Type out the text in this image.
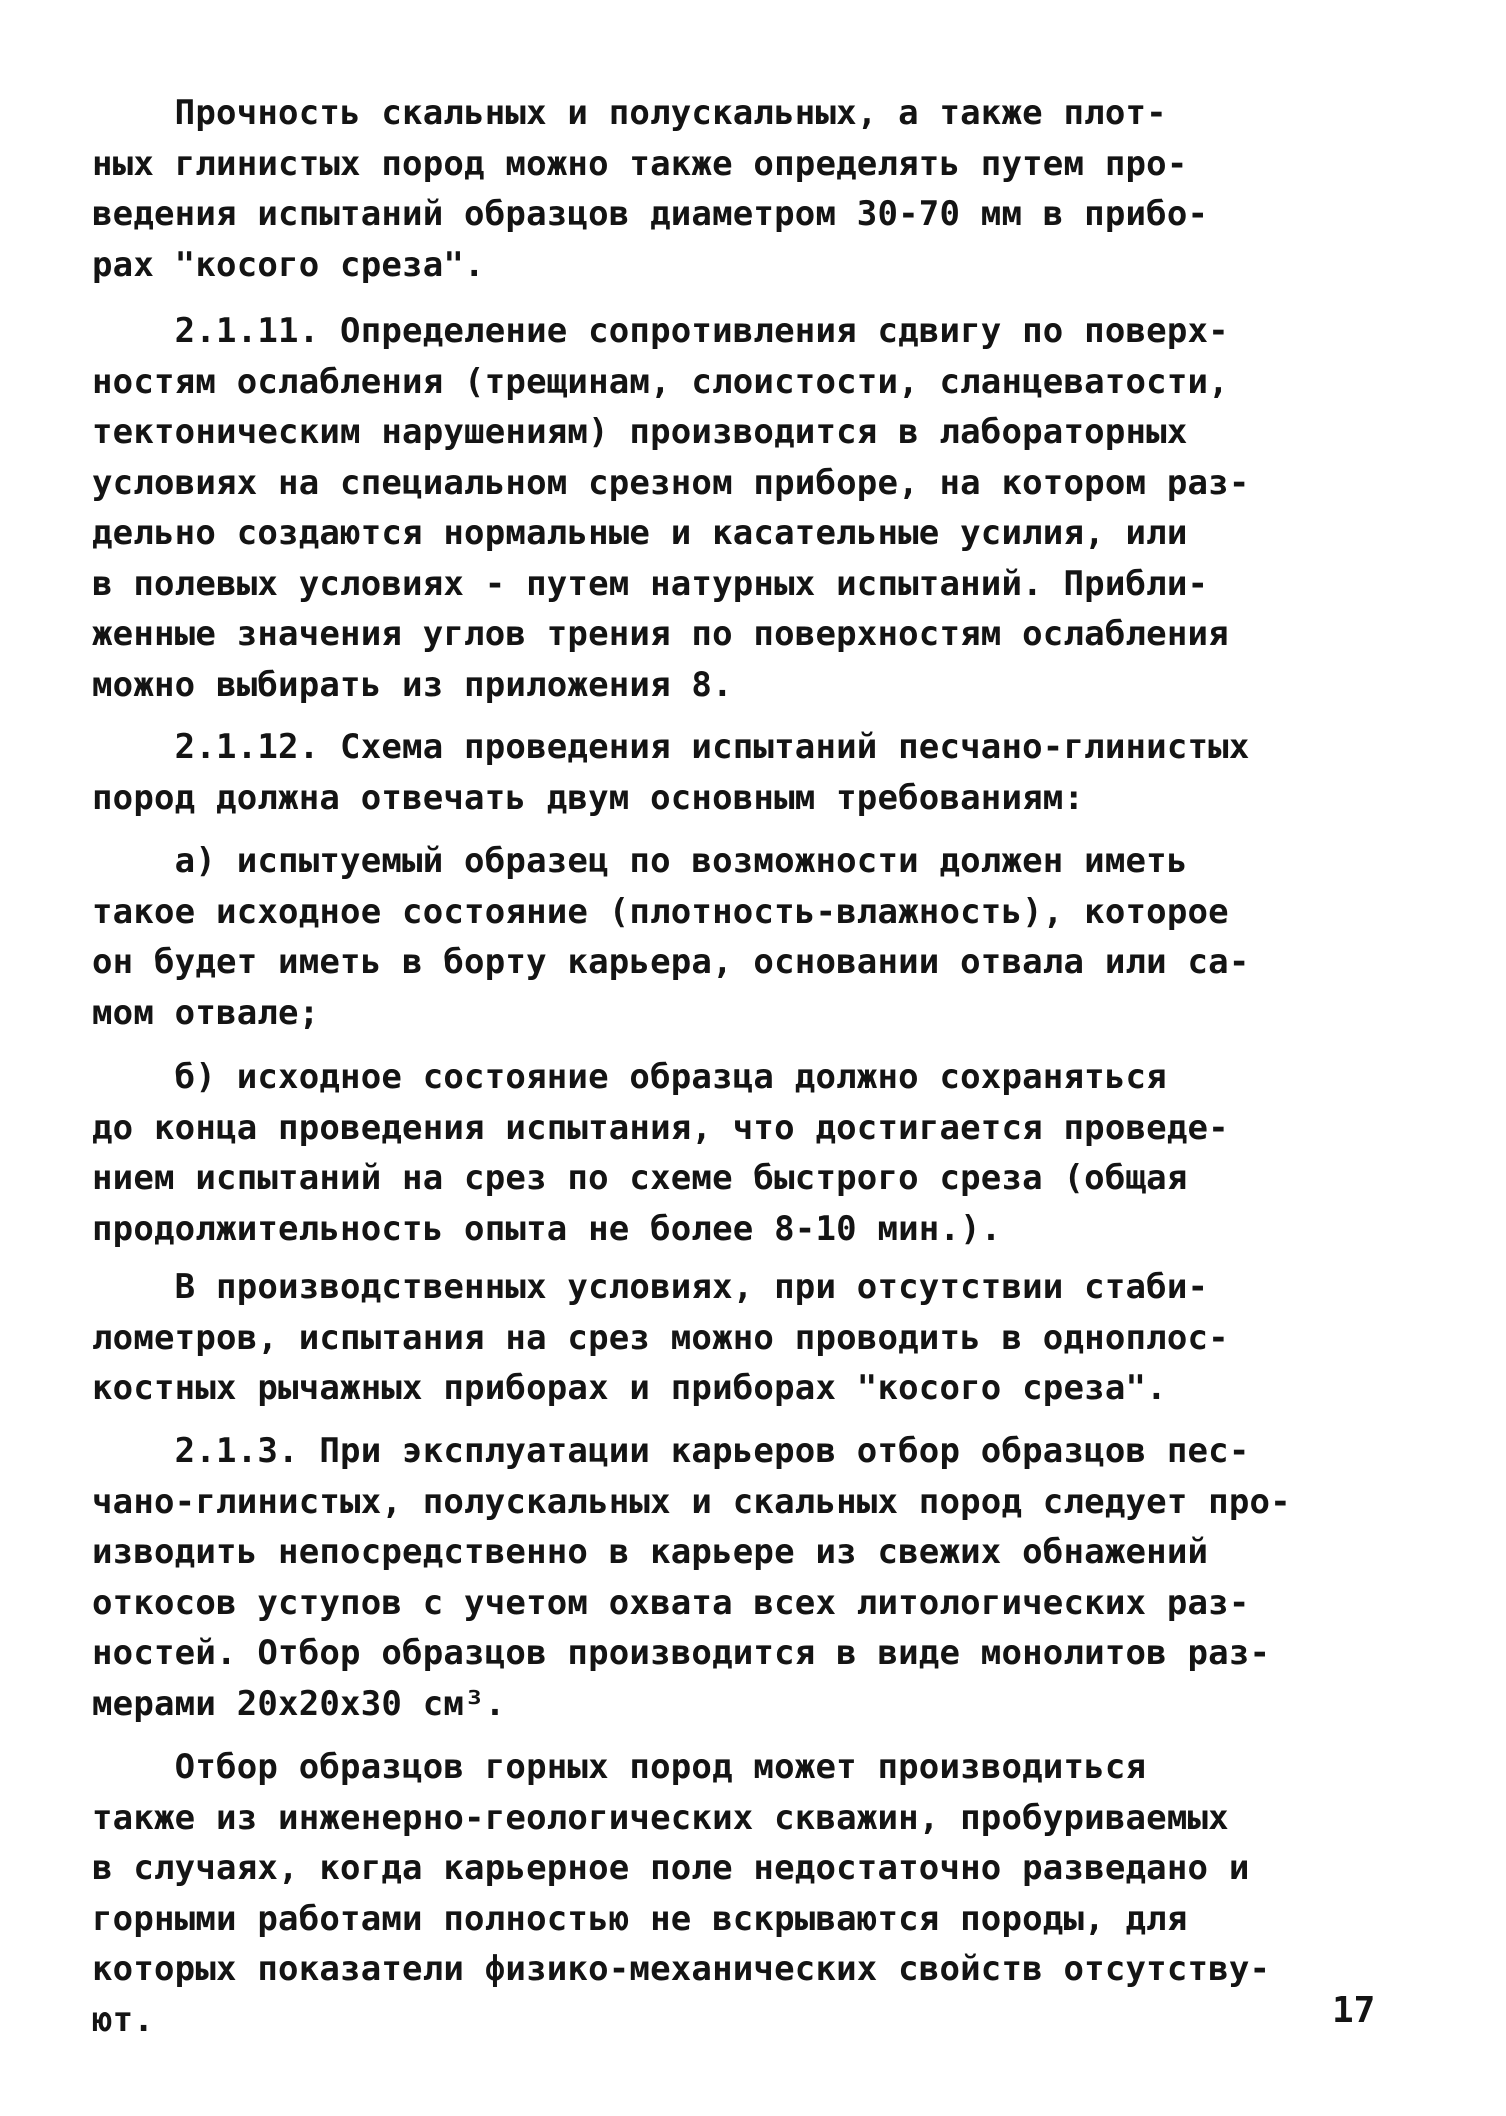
Прочность скальных и полускальных, а также плот-
ных глинистых пород можно также определять путем про-
ведения испытаний образцов диаметром 30-70 мм в прибо-
рах "косого среза".
2.1.11. Определение сопротивления сдвигу по поверх-
ностям ослабления (трещинам, слоистости, сланцеватости,
тектоническим нарушениям) производится в лабораторных
условиях на специальном срезном приборе, на котором раз-
дельно создаются нормальные и касательные усилия, или
в полевых условиях - путем натурных испытаний. Прибли-
женные значения углов трения по поверхностям ослабления
можно выбирать из приложения 8.
2.1.12. Схема проведения испытаний песчано-глинистых
пород должна отвечать двум основным требованиям:
а) испытуемый образец по возможности должен иметь
такое исходное состояние (плотность-влажность), которое
он будет иметь в борту карьера, основании отвала или са-
мом отвале;
б) исходное состояние образца должно сохраняться
до конца проведения испытания, что достигается проведе-
нием испытаний на срез по схеме быстрого среза (общая
продолжительность опыта не более 8-10 мин.).
В производственных условиях, при отсутствии стаби-
лометров, испытания на срез можно проводить в одноплос-
костных рычажных приборах и приборах "косого среза".
2.1.3. При эксплуатации карьеров отбор образцов пес-
чано-глинистых, полускальных и скальных пород следует про-
изводить непосредственно в карьере из свежих обнажений
откосов уступов с учетом охвата всех литологических раз-
ностей. Отбор образцов производится в виде монолитов раз-
мерами 20x20x30 см³.
Отбор образцов горных пород может производиться
также из инженерно-геологических скважин, пробуриваемых
в случаях, когда карьерное поле недостаточно разведано и
горными работами полностью не вскрываются породы, для
которых показатели физико-механических свойств отсутству-
ют.	17
